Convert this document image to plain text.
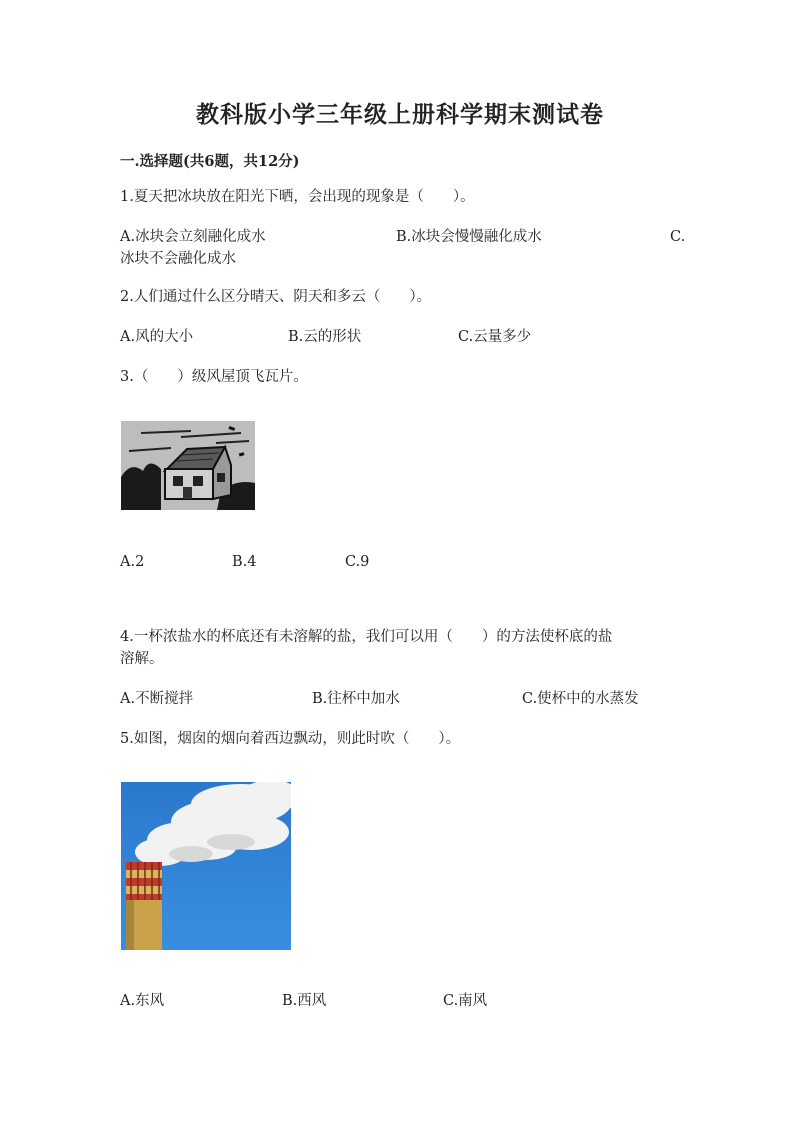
教科版小学三年级上册科学期末测试卷
一.选择题(共6题，共12分)
1.夏天把冰块放在阳光下晒，会出现的现象是（　　）。
A.冰块会立刻融化成水	B.冰块会慢慢融化成水	C.
冰块不会融化成水
2.人们通过什么区分晴天、阴天和多云（　　）。
A.风的大小	B.云的形状	C.云量多少
3.（　　）级风屋顶飞瓦片。
A.2	B.4	C.9
4.一杯浓盐水的杯底还有未溶解的盐，我们可以用（　　）的方法使杯底的盐
溶解。
A.不断搅拌	B.往杯中加水	C.使杯中的水蒸发
5.如图，烟囱的烟向着西边飘动，则此时吹（　　）。
A.东风	B.西风	C.南风
